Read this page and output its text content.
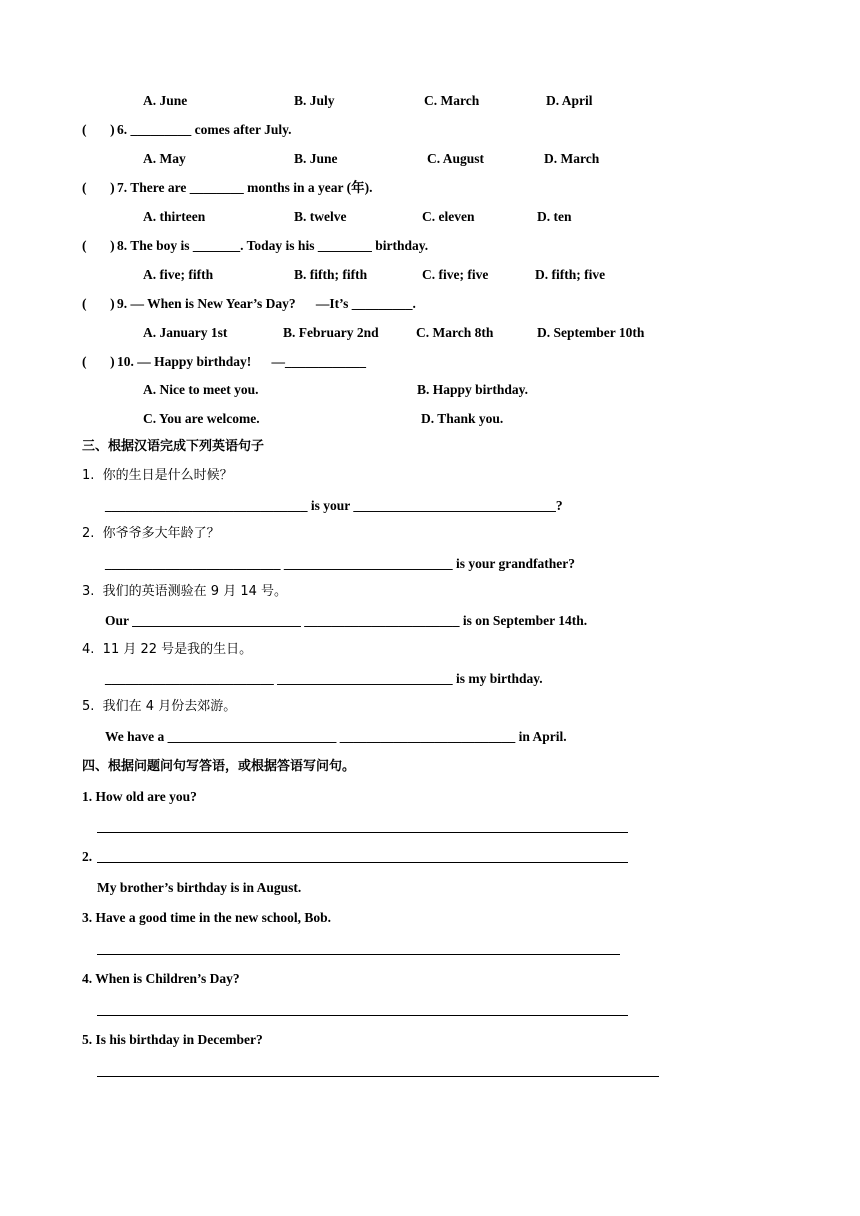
A. June	B. July	C. March	D. April
(       ) 6. _________ comes after July.
A. May	B. June	C. August	D. March
(       ) 7. There are ________ months in a year (年).
A. thirteen	B. twelve	C. eleven	D. ten
(       ) 8. The boy is _______. Today is his ________ birthday.
A. five; fifth	B. fifth; fifth	C. five; five	D. fifth; five
(       ) 9. — When is New Year’s Day?      —It’s _________.
A. January 1st	B. February 2nd	C. March 8th	D. September 10th
(       ) 10. — Happy birthday!      —____________
A. Nice to meet you.	B. Happy birthday.
C. You are welcome.	D. Thank you.
三、根据汉语完成下列英语句子
1.  你的生日是什么时候？
______________________________ is your ______________________________?
2.  你爷爷多大年龄了？
__________________________ _________________________ is your grandfather?
3.  我们的英语测验在 9 月 14 号。
Our _________________________ _______________________ is on September 14th.
4.  11 月 22 号是我的生日。
_________________________ __________________________ is my birthday.
5.  我们在 4 月份去郊游。
We have a _________________________ __________________________ in April.
四、根据问题问句写答语，或根据答语写问句。
1. How old are you?
2.
My brother’s birthday is in August.
3. Have a good time in the new school, Bob.
4. When is Children’s Day?
5. Is his birthday in December?
